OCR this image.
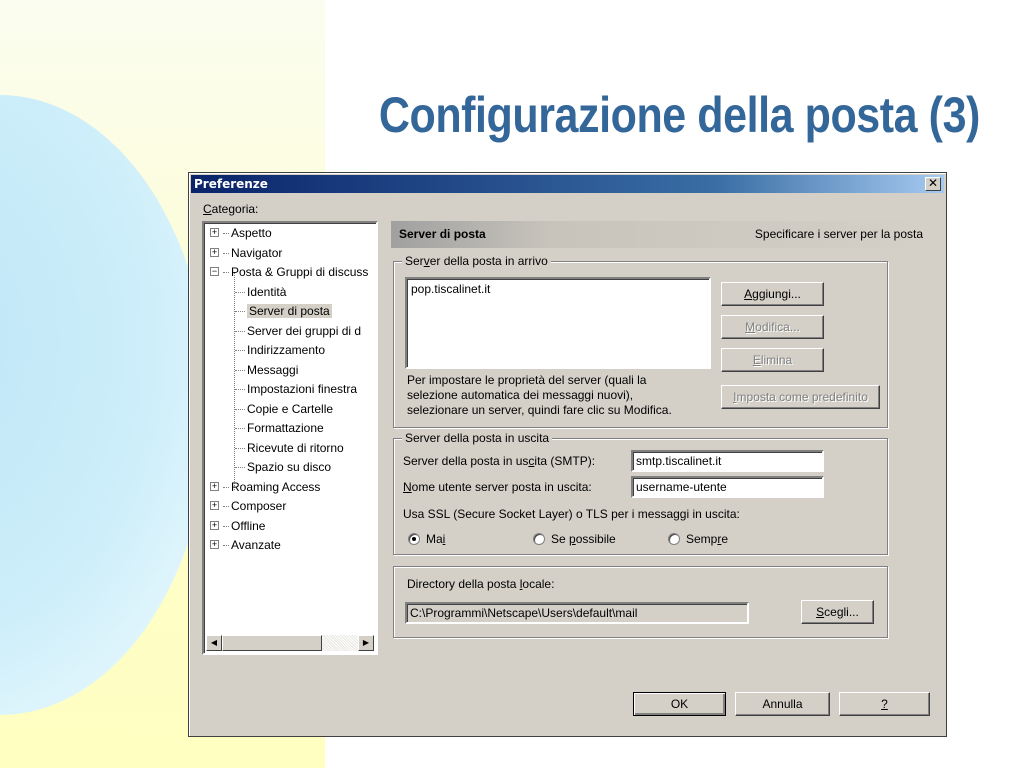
Configurazione della posta (3)
Preferenze	✕
Categoria:
+ Aspetto
+ Navigator
− Posta & Gruppi di discuss
Identità
Server di posta
Server dei gruppi di d
Indirizzamento
Messaggi
Impostazioni finestra
Copie e Cartelle
Formattazione
Ricevute di ritorno
Spazio su disco
+ Roaming Access
+ Composer
+ Offline
+ Avanzate
◀	▶
Server di posta	Specificare i server per la posta
Server della posta in arrivo
pop.tiscalinet.it
Per impostare le proprietà del server (quali la
selezione automatica dei messaggi nuovi),
selezionare un server, quindi fare clic su Modifica.
Aggiungi...
Modifica...
Elimina
Imposta come predefinito
Server della posta in uscita
Server della posta in uscita (SMTP):	smtp.tiscalinet.it
Nome utente server posta in uscita:	username-utente
Usa SSL (Secure Socket Layer) o TLS per i messaggi in uscita:
Mai	Se possibile	Sempre
Directory della posta locale:
C:\Programmi\Netscape\Users\default\mail	Scegli...
OK	Annulla	?
